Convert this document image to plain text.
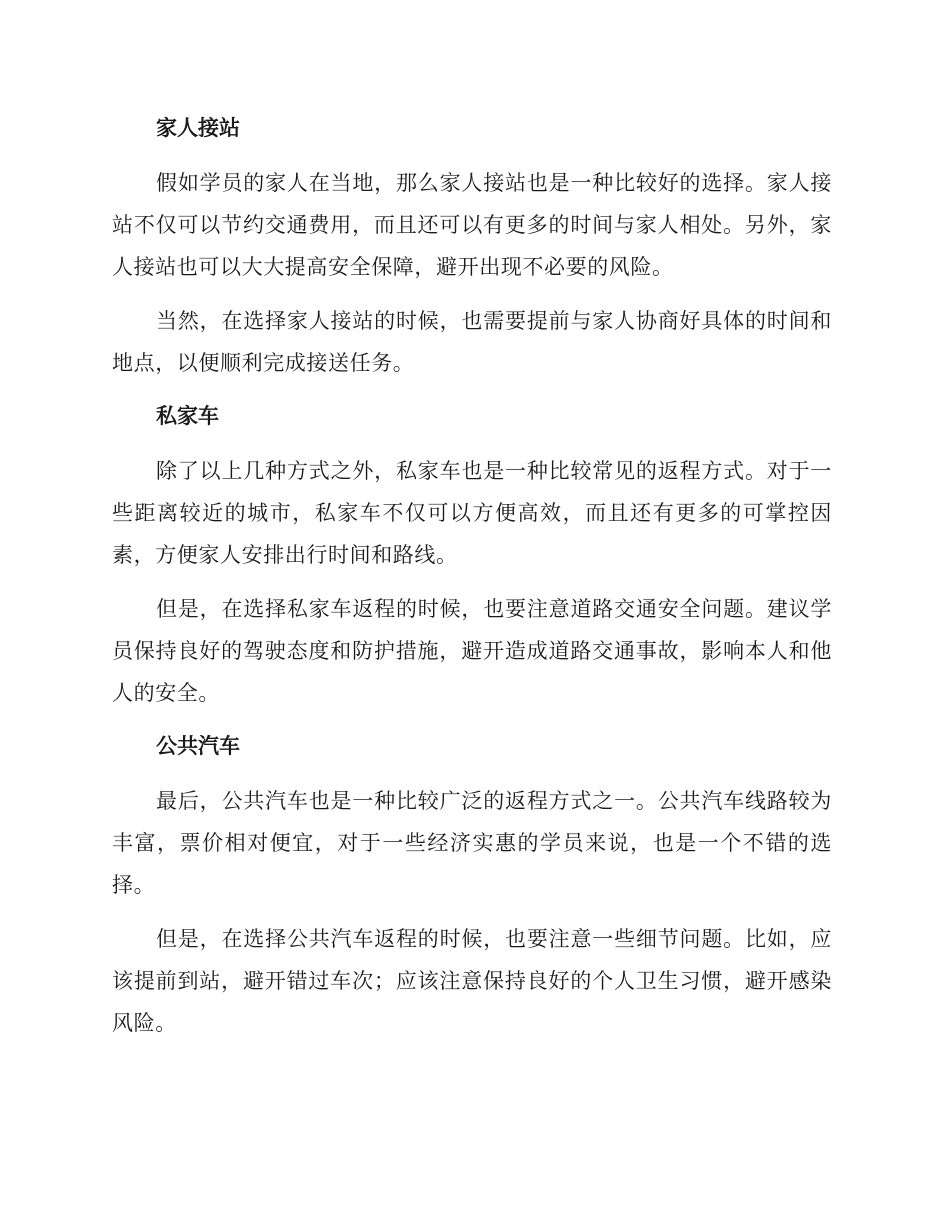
家人接站

假如学员的家人在当地，那么家人接站也是一种比较好的选择。家人接站不仅可以节约交通费用，而且还可以有更多的时间与家人相处。另外，家人接站也可以大大提高安全保障，避开出现不必要的风险。

当然，在选择家人接站的时候，也需要提前与家人协商好具体的时间和地点，以便顺利完成接送任务。

私家车

除了以上几种方式之外，私家车也是一种比较常见的返程方式。对于一些距离较近的城市，私家车不仅可以方便高效，而且还有更多的可掌控因素，方便家人安排出行时间和路线。

但是，在选择私家车返程的时候，也要注意道路交通安全问题。建议学员保持良好的驾驶态度和防护措施，避开造成道路交通事故，影响本人和他人的安全。

公共汽车

最后，公共汽车也是一种比较广泛的返程方式之一。公共汽车线路较为丰富，票价相对便宜，对于一些经济实惠的学员来说，也是一个不错的选择。

但是，在选择公共汽车返程的时候，也要注意一些细节问题。比如，应该提前到站，避开错过车次；应该注意保持良好的个人卫生习惯，避开感染风险。
